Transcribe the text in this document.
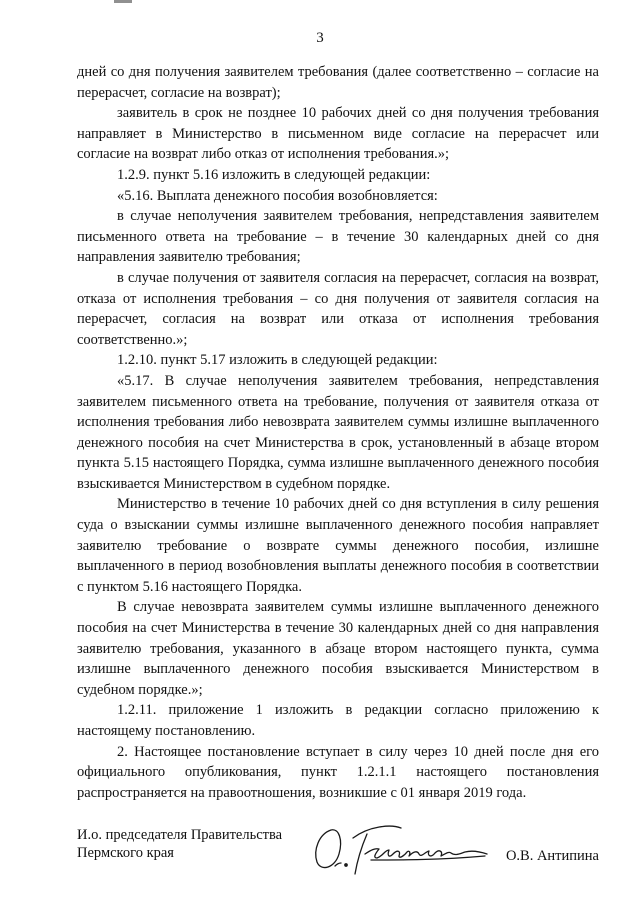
3

дней со дня получения заявителем требования (далее соответственно – согласие на перерасчет, согласие на возврат);

заявитель в срок не позднее 10 рабочих дней со дня получения требования направляет в Министерство в письменном виде согласие на перерасчет или согласие на возврат либо отказ от исполнения требования.»;

1.2.9. пункт 5.16 изложить в следующей редакции:

«5.16. Выплата денежного пособия возобновляется:

в случае неполучения заявителем требования, непредставления заявителем письменного ответа на требование – в течение 30 календарных дней со дня направления заявителю требования;

в случае получения от заявителя согласия на перерасчет, согласия на возврат, отказа от исполнения требования – со дня получения от заявителя согласия на перерасчет, согласия на возврат или отказа от исполнения требования соответственно.»;

1.2.10. пункт 5.17 изложить в следующей редакции:

«5.17. В случае неполучения заявителем требования, непредставления заявителем письменного ответа на требование, получения от заявителя отказа от исполнения требования либо невозврата заявителем суммы излишне выплаченного денежного пособия на счет Министерства в срок, установленный в абзаце втором пункта 5.15 настоящего Порядка, сумма излишне выплаченного денежного пособия взыскивается Министерством в судебном порядке.

Министерство в течение 10 рабочих дней со дня вступления в силу решения суда о взыскании суммы излишне выплаченного денежного пособия направляет заявителю требование о возврате суммы денежного пособия, излишне выплаченного в период возобновления выплаты денежного пособия в соответствии с пунктом 5.16 настоящего Порядка.

В случае невозврата заявителем суммы излишне выплаченного денежного пособия на счет Министерства в течение 30 календарных дней со дня направления заявителю требования, указанного в абзаце втором настоящего пункта, сумма излишне выплаченного денежного пособия взыскивается Министерством в судебном порядке.»;

1.2.11. приложение 1 изложить в редакции согласно приложению к настоящему постановлению.

2. Настоящее постановление вступает в силу через 10 дней после дня его официального опубликования, пункт 1.2.1.1 настоящего постановления распространяется на правоотношения, возникшие с 01 января 2019 года.

И.о. председателя Правительства
Пермского края	О.В. Антипина
